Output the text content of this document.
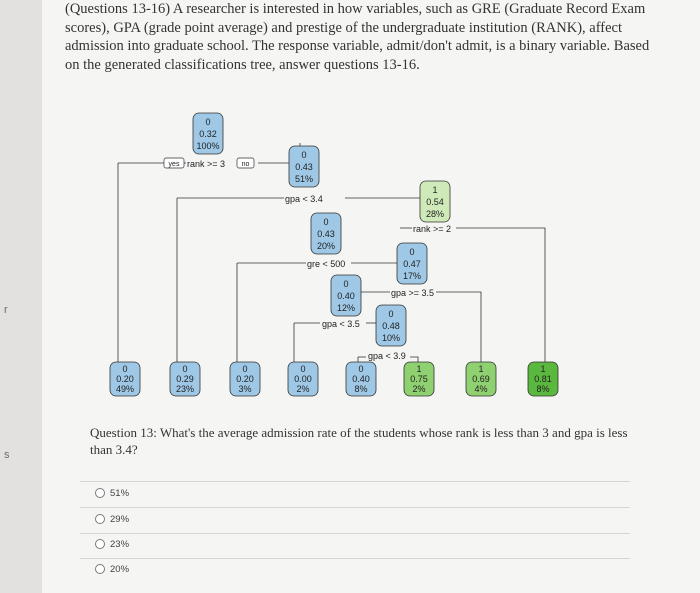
r
s
(Questions 13-16) A researcher is interested in how variables, such as GRE (Graduate Record Exam scores), GPA (grade point average) and prestige of the undergraduate institution (RANK), affect admission into graduate school. The response variable, admit/don't admit, is a binary variable. Based on the generated classifications tree, answer questions 13-16.
yes rank >= 3 no
gpa < 3.4
rank >= 2
gre < 500
gpa >= 3.5
gpa < 3.5
gpa < 3.9
0
0.32
100%
0
0.43
51%
1
0.54
28%
0
0.43
20%
0
0.47
17%
0
0.40
12%
0
0.48
10%
0
0.20
49%
0
0.29
23%
0
0.20
3%
0
0.00
2%
0
0.40
8%
1
0.75
2%
1
0.69
4%
1
0.81
8%
Question 13: What's the average admission rate of the students whose rank is less than 3 and gpa is less than 3.4?
51%
29%
23%
20%
